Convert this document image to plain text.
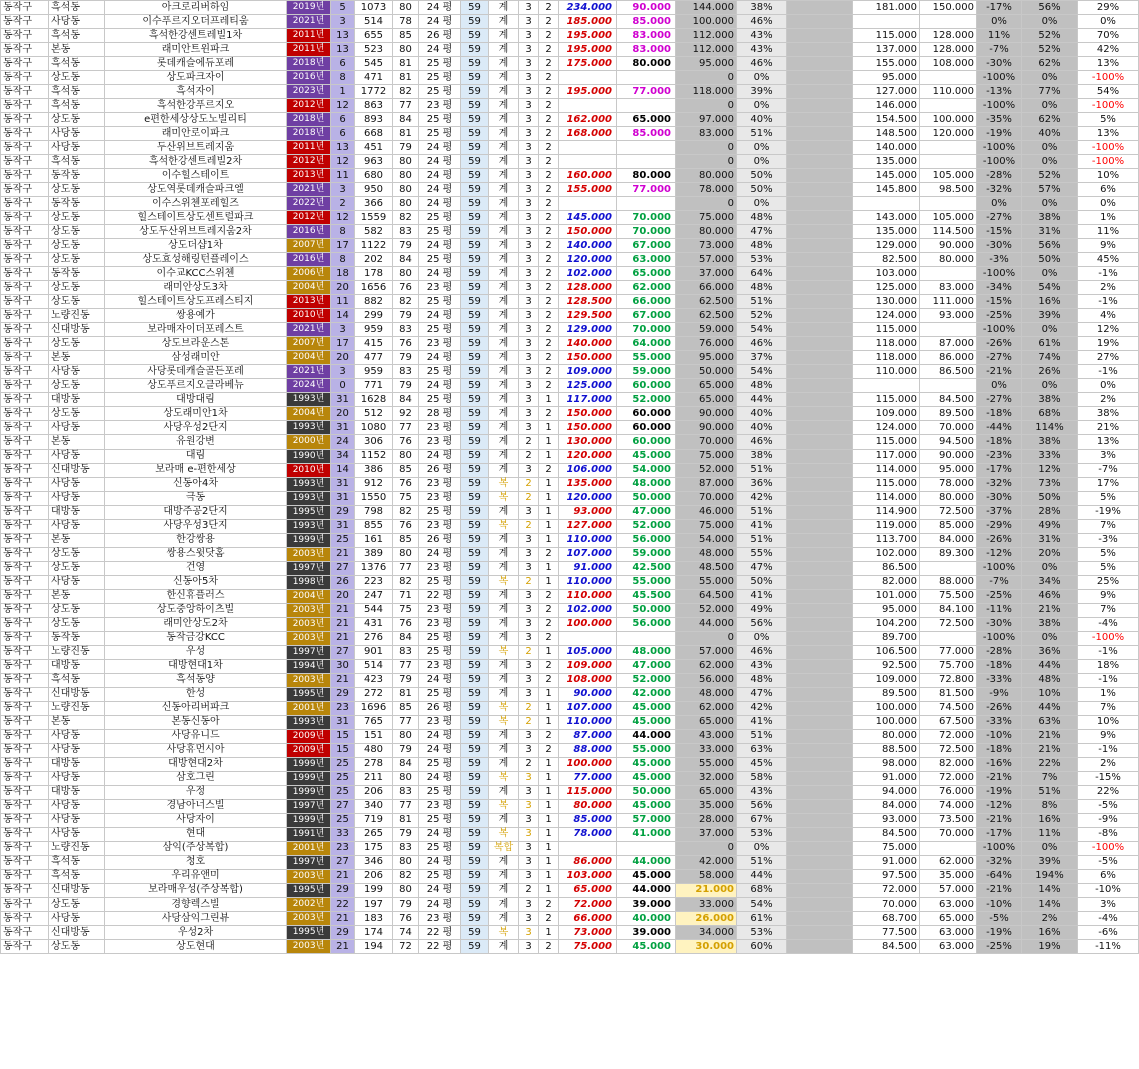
동작구	흑석동	아크로리버하임	2019년	5	1073	80	24 평	59	계	3	2	234.000	90.000	144.000	38%		181.000	150.000	-17%	56%	29%
동작구	사당동	이수푸르지오더프레티움	2021년	3	514	78	24 평	59	계	3	2	185.000	85.000	100.000	46%				0%	0%	0%
동작구	흑석동	흑석한강센트레빌1차	2011년	13	655	85	26 평	59	계	3	2	195.000	83.000	112.000	43%		115.000	128.000	11%	52%	70%
동작구	본동	래미안트윈파크	2011년	13	523	80	24 평	59	계	3	2	195.000	83.000	112.000	43%		137.000	128.000	-7%	52%	42%
동작구	흑석동	롯데캐슬에듀포레	2018년	6	545	81	25 평	59	계	3	2	175.000	80.000	95.000	46%		155.000	108.000	-30%	62%	13%
동작구	상도동	상도파크자이	2016년	8	471	81	25 평	59	계	3	2			0	0%		95.000		-100%	0%	-100%
동작구	흑석동	흑석자이	2023년	1	1772	82	25 평	59	계	3	2	195.000	77.000	118.000	39%		127.000	110.000	-13%	77%	54%
동작구	흑석동	흑석한강푸르지오	2012년	12	863	77	23 평	59	계	3	2			0	0%		146.000		-100%	0%	-100%
동작구	상도동	e편한세상상도노빌리티	2018년	6	893	84	25 평	59	계	3	2	162.000	65.000	97.000	40%		154.500	100.000	-35%	62%	5%
동작구	사당동	래미안로이파크	2018년	6	668	81	25 평	59	계	3	2	168.000	85.000	83.000	51%		148.500	120.000	-19%	40%	13%
동작구	사당동	두산위브트레지움	2011년	13	451	79	24 평	59	계	3	2			0	0%		140.000		-100%	0%	-100%
동작구	흑석동	흑석한강센트레빌2차	2012년	12	963	80	24 평	59	계	3	2			0	0%		135.000		-100%	0%	-100%
동작구	동작동	이수힐스테이트	2013년	11	680	80	24 평	59	계	3	2	160.000	80.000	80.000	50%		145.000	105.000	-28%	52%	10%
동작구	상도동	상도역롯데캐슬파크엘	2021년	3	950	80	24 평	59	계	3	2	155.000	77.000	78.000	50%		145.800	98.500	-32%	57%	6%
동작구	동작동	이수스위첸포레힐즈	2022년	2	366	80	24 평	59	계	3	2			0	0%				0%	0%	0%
동작구	상도동	힐스테이트상도센트럴파크	2012년	12	1559	82	25 평	59	계	3	2	145.000	70.000	75.000	48%		143.000	105.000	-27%	38%	1%
동작구	상도동	상도두산위브트레지움2차	2016년	8	582	83	25 평	59	계	3	2	150.000	70.000	80.000	47%		135.000	114.500	-15%	31%	11%
동작구	상도동	상도더샵1차	2007년	17	1122	79	24 평	59	계	3	2	140.000	67.000	73.000	48%		129.000	90.000	-30%	56%	9%
동작구	상도동	상도효성해링턴플레이스	2016년	8	202	84	25 평	59	계	3	2	120.000	63.000	57.000	53%		82.500	80.000	-3%	50%	45%
동작구	동작동	이수교KCC스위첸	2006년	18	178	80	24 평	59	계	3	2	102.000	65.000	37.000	64%		103.000		-100%	0%	-1%
동작구	상도동	래미안상도3차	2004년	20	1656	76	23 평	59	계	3	2	128.000	62.000	66.000	48%		125.000	83.000	-34%	54%	2%
동작구	상도동	힐스테이트상도프레스티지	2013년	11	882	82	25 평	59	계	3	2	128.500	66.000	62.500	51%		130.000	111.000	-15%	16%	-1%
동작구	노량진동	쌍용예가	2010년	14	299	79	24 평	59	계	3	2	129.500	67.000	62.500	52%		124.000	93.000	-25%	39%	4%
동작구	신대방동	보라매자이더포레스트	2021년	3	959	83	25 평	59	계	3	2	129.000	70.000	59.000	54%		115.000		-100%	0%	12%
동작구	상도동	상도브라운스톤	2007년	17	415	76	23 평	59	계	3	2	140.000	64.000	76.000	46%		118.000	87.000	-26%	61%	19%
동작구	본동	삼성래미안	2004년	20	477	79	24 평	59	계	3	2	150.000	55.000	95.000	37%		118.000	86.000	-27%	74%	27%
동작구	사당동	사당롯데캐슬골든포레	2021년	3	959	83	25 평	59	계	3	2	109.000	59.000	50.000	54%		110.000	86.500	-21%	26%	-1%
동작구	상도동	상도푸르지오클라베뉴	2024년	0	771	79	24 평	59	계	3	2	125.000	60.000	65.000	48%				0%	0%	0%
동작구	대방동	대방대림	1993년	31	1628	84	25 평	59	계	3	1	117.000	52.000	65.000	44%		115.000	84.500	-27%	38%	2%
동작구	상도동	상도래미안1차	2004년	20	512	92	28 평	59	계	3	2	150.000	60.000	90.000	40%		109.000	89.500	-18%	68%	38%
동작구	사당동	사당우성2단지	1993년	31	1080	77	23 평	59	계	3	1	150.000	60.000	90.000	40%		124.000	70.000	-44%	114%	21%
동작구	본동	유원강변	2000년	24	306	76	23 평	59	계	2	1	130.000	60.000	70.000	46%		115.000	94.500	-18%	38%	13%
동작구	사당동	대림	1990년	34	1152	80	24 평	59	계	2	1	120.000	45.000	75.000	38%		117.000	90.000	-23%	33%	3%
동작구	신대방동	보라매 e-편한세상	2010년	14	386	85	26 평	59	계	3	2	106.000	54.000	52.000	51%		114.000	95.000	-17%	12%	-7%
동작구	사당동	신동아4차	1993년	31	912	76	23 평	59	복	2	1	135.000	48.000	87.000	36%		115.000	78.000	-32%	73%	17%
동작구	사당동	극동	1993년	31	1550	75	23 평	59	복	2	1	120.000	50.000	70.000	42%		114.000	80.000	-30%	50%	5%
동작구	대방동	대방주공2단지	1995년	29	798	82	25 평	59	계	3	1	93.000	47.000	46.000	51%		114.900	72.500	-37%	28%	-19%
동작구	사당동	사당우성3단지	1993년	31	855	76	23 평	59	복	2	1	127.000	52.000	75.000	41%		119.000	85.000	-29%	49%	7%
동작구	본동	한강쌍용	1999년	25	161	85	26 평	59	계	3	1	110.000	56.000	54.000	51%		113.700	84.000	-26%	31%	-3%
동작구	상도동	쌍용스윗닷홈	2003년	21	389	80	24 평	59	계	3	2	107.000	59.000	48.000	55%		102.000	89.300	-12%	20%	5%
동작구	상도동	건영	1997년	27	1376	77	23 평	59	계	3	1	91.000	42.500	48.500	47%		86.500		-100%	0%	5%
동작구	사당동	신동아5차	1998년	26	223	82	25 평	59	복	2	1	110.000	55.000	55.000	50%		82.000	88.000	-7%	34%	25%
동작구	본동	한신휴플러스	2004년	20	247	71	22 평	59	계	3	2	110.000	45.500	64.500	41%		101.000	75.500	-25%	46%	9%
동작구	상도동	상도중앙하이츠빌	2003년	21	544	75	23 평	59	계	3	2	102.000	50.000	52.000	49%		95.000	84.100	-11%	21%	7%
동작구	상도동	래미안상도2차	2003년	21	431	76	23 평	59	계	3	2	100.000	56.000	44.000	56%		104.200	72.500	-30%	38%	-4%
동작구	동작동	동작금강KCC	2003년	21	276	84	25 평	59	계	3	2			0	0%		89.700		-100%	0%	-100%
동작구	노량진동	우성	1997년	27	901	83	25 평	59	복	2	1	105.000	48.000	57.000	46%		106.500	77.000	-28%	36%	-1%
동작구	대방동	대방현대1차	1994년	30	514	77	23 평	59	계	3	2	109.000	47.000	62.000	43%		92.500	75.700	-18%	44%	18%
동작구	흑석동	흑석동양	2003년	21	423	79	24 평	59	계	3	2	108.000	52.000	56.000	48%		109.000	72.800	-33%	48%	-1%
동작구	신대방동	한성	1995년	29	272	81	25 평	59	계	3	1	90.000	42.000	48.000	47%		89.500	81.500	-9%	10%	1%
동작구	노량진동	신동아리버파크	2001년	23	1696	85	26 평	59	복	2	1	107.000	45.000	62.000	42%		100.000	74.500	-26%	44%	7%
동작구	본동	본동신동아	1993년	31	765	77	23 평	59	복	2	1	110.000	45.000	65.000	41%		100.000	67.500	-33%	63%	10%
동작구	사당동	사당유니드	2009년	15	151	80	24 평	59	계	3	2	87.000	44.000	43.000	51%		80.000	72.000	-10%	21%	9%
동작구	사당동	사당휴먼시아	2009년	15	480	79	24 평	59	계	3	2	88.000	55.000	33.000	63%		88.500	72.500	-18%	21%	-1%
동작구	대방동	대방현대2차	1999년	25	278	84	25 평	59	계	2	1	100.000	45.000	55.000	45%		98.000	82.000	-16%	22%	2%
동작구	사당동	삼호그린	1999년	25	211	80	24 평	59	복	3	1	77.000	45.000	32.000	58%		91.000	72.000	-21%	7%	-15%
동작구	대방동	우정	1999년	25	206	83	25 평	59	계	3	1	115.000	50.000	65.000	43%		94.000	76.000	-19%	51%	22%
동작구	사당동	경남아너스빌	1997년	27	340	77	23 평	59	복	3	1	80.000	45.000	35.000	56%		84.000	74.000	-12%	8%	-5%
동작구	사당동	사당자이	1999년	25	719	81	25 평	59	계	3	1	85.000	57.000	28.000	67%		93.000	73.500	-21%	16%	-9%
동작구	사당동	현대	1991년	33	265	79	24 평	59	복	3	1	78.000	41.000	37.000	53%		84.500	70.000	-17%	11%	-8%
동작구	노량진동	삼익(주상복합)	2001년	23	175	83	25 평	59	복합	3	1			0	0%		75.000		-100%	0%	-100%
동작구	흑석동	청호	1997년	27	346	80	24 평	59	계	3	1	86.000	44.000	42.000	51%		91.000	62.000	-32%	39%	-5%
동작구	흑석동	우리유앤미	2003년	21	206	82	25 평	59	계	3	1	103.000	45.000	58.000	44%		97.500	35.000	-64%	194%	6%
동작구	신대방동	보라매우성(주상복합)	1995년	29	199	80	24 평	59	계	2	1	65.000	44.000	21.000	68%		72.000	57.000	-21%	14%	-10%
동작구	상도동	경향렉스빌	2002년	22	197	79	24 평	59	계	3	2	72.000	39.000	33.000	54%		70.000	63.000	-10%	14%	3%
동작구	사당동	사당삼익그린뷰	2003년	21	183	76	23 평	59	계	3	2	66.000	40.000	26.000	61%		68.700	65.000	-5%	2%	-4%
동작구	신대방동	우성2차	1995년	29	174	74	22 평	59	복	3	1	73.000	39.000	34.000	53%		77.500	63.000	-19%	16%	-6%
동작구	상도동	상도현대	2003년	21	194	72	22 평	59	계	3	2	75.000	45.000	30.000	60%		84.500	63.000	-25%	19%	-11%
